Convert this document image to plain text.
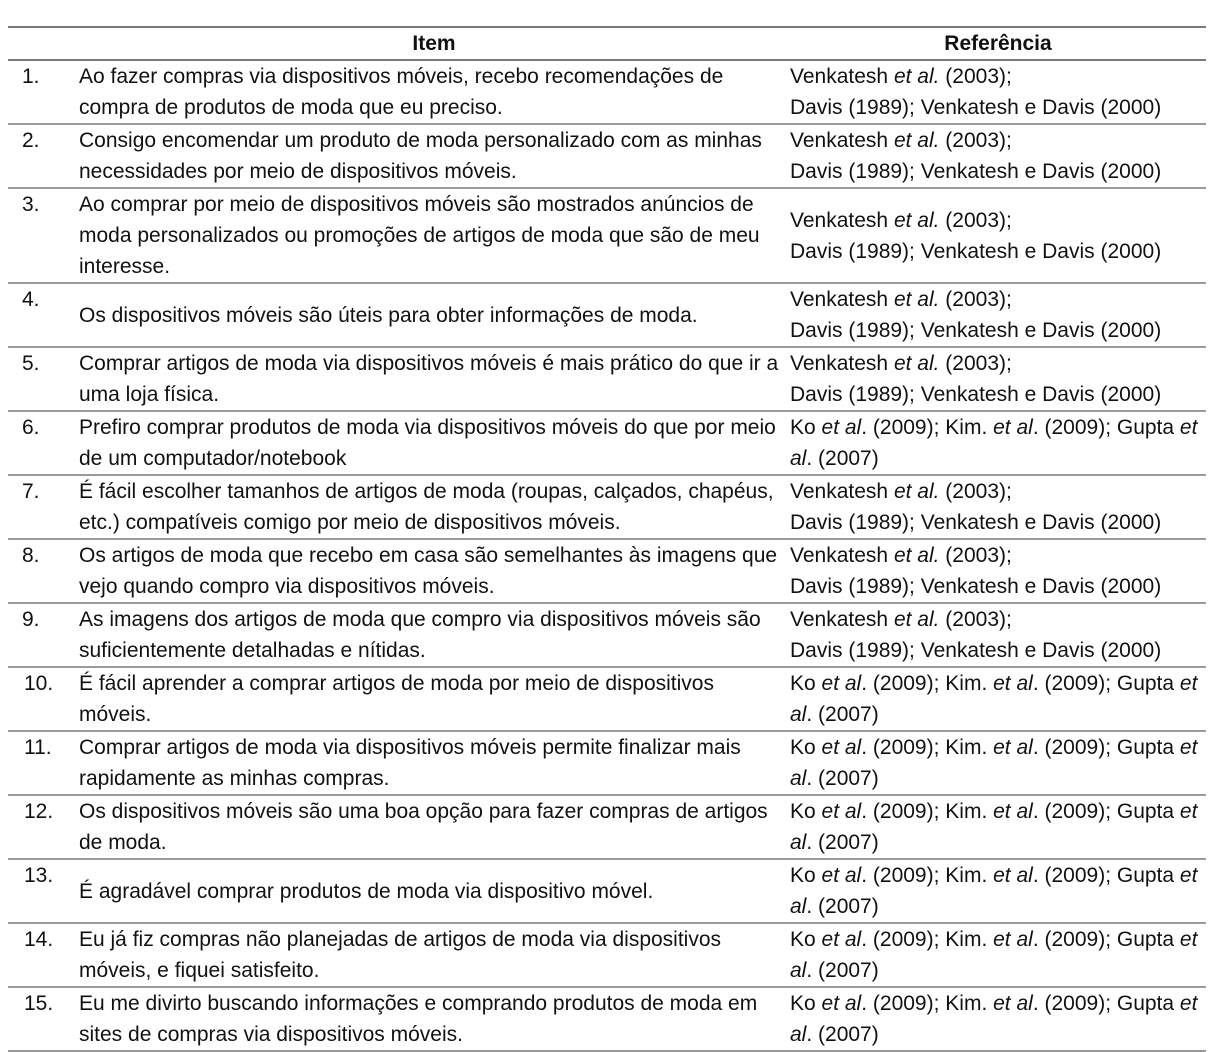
	Item	Referência
1.	Ao fazer compras via dispositivos móveis, recebo recomendações de compra de produtos de moda que eu preciso.	Venkatesh et al. (2003);
Davis (1989); Venkatesh e Davis (2000)

2.	Consigo encomendar um produto de moda personalizado com as minhas necessidades por meio de dispositivos móveis.	Venkatesh et al. (2003);
Davis (1989); Venkatesh e Davis (2000)

3.	Ao comprar por meio de dispositivos móveis são mostrados anúncios de moda personalizados ou promoções de artigos de moda que são de meu interesse.	Venkatesh et al. (2003);
Davis (1989); Venkatesh e Davis (2000)

4.	Os dispositivos móveis são úteis para obter informações de moda.	Venkatesh et al. (2003);
Davis (1989); Venkatesh e Davis (2000)

5.	Comprar artigos de moda via dispositivos móveis é mais prático do que ir a uma loja física.	Venkatesh et al. (2003);
Davis (1989); Venkatesh e Davis (2000)

6.	Prefiro comprar produtos de moda via dispositivos móveis do que por meio de um computador/notebook	Ko et al. (2009); Kim. et al. (2009); Gupta et al. (2007)
7.	É fácil escolher tamanhos de artigos de moda (roupas, calçados, chapéus, etc.) compatíveis comigo por meio de dispositivos móveis.	Venkatesh et al. (2003);
Davis (1989); Venkatesh e Davis (2000)

8.	Os artigos de moda que recebo em casa são semelhantes às imagens que vejo quando compro via dispositivos móveis.	Venkatesh et al. (2003);
Davis (1989); Venkatesh e Davis (2000)

9.	As imagens dos artigos de moda que compro via dispositivos móveis são suficientemente detalhadas e nítidas.	Venkatesh et al. (2003);
Davis (1989); Venkatesh e Davis (2000)

10.	É fácil aprender a comprar artigos de moda por meio de dispositivos móveis.	Ko et al. (2009); Kim. et al. (2009); Gupta et al. (2007)
11.	Comprar artigos de moda via dispositivos móveis permite finalizar mais rapidamente as minhas compras.	Ko et al. (2009); Kim. et al. (2009); Gupta et al. (2007)
12.	Os dispositivos móveis são uma boa opção para fazer compras de artigos de moda.	Ko et al. (2009); Kim. et al. (2009); Gupta et al. (2007)
13.	É agradável comprar produtos de moda via dispositivo móvel.	Ko et al. (2009); Kim. et al. (2009); Gupta et al. (2007)
14.	Eu já fiz compras não planejadas de artigos de moda via dispositivos móveis, e fiquei satisfeito.	Ko et al. (2009); Kim. et al. (2009); Gupta et al. (2007)
15.	Eu me divirto buscando informações e comprando produtos de moda em sites de compras via dispositivos móveis.	Ko et al. (2009); Kim. et al. (2009); Gupta et al. (2007)
